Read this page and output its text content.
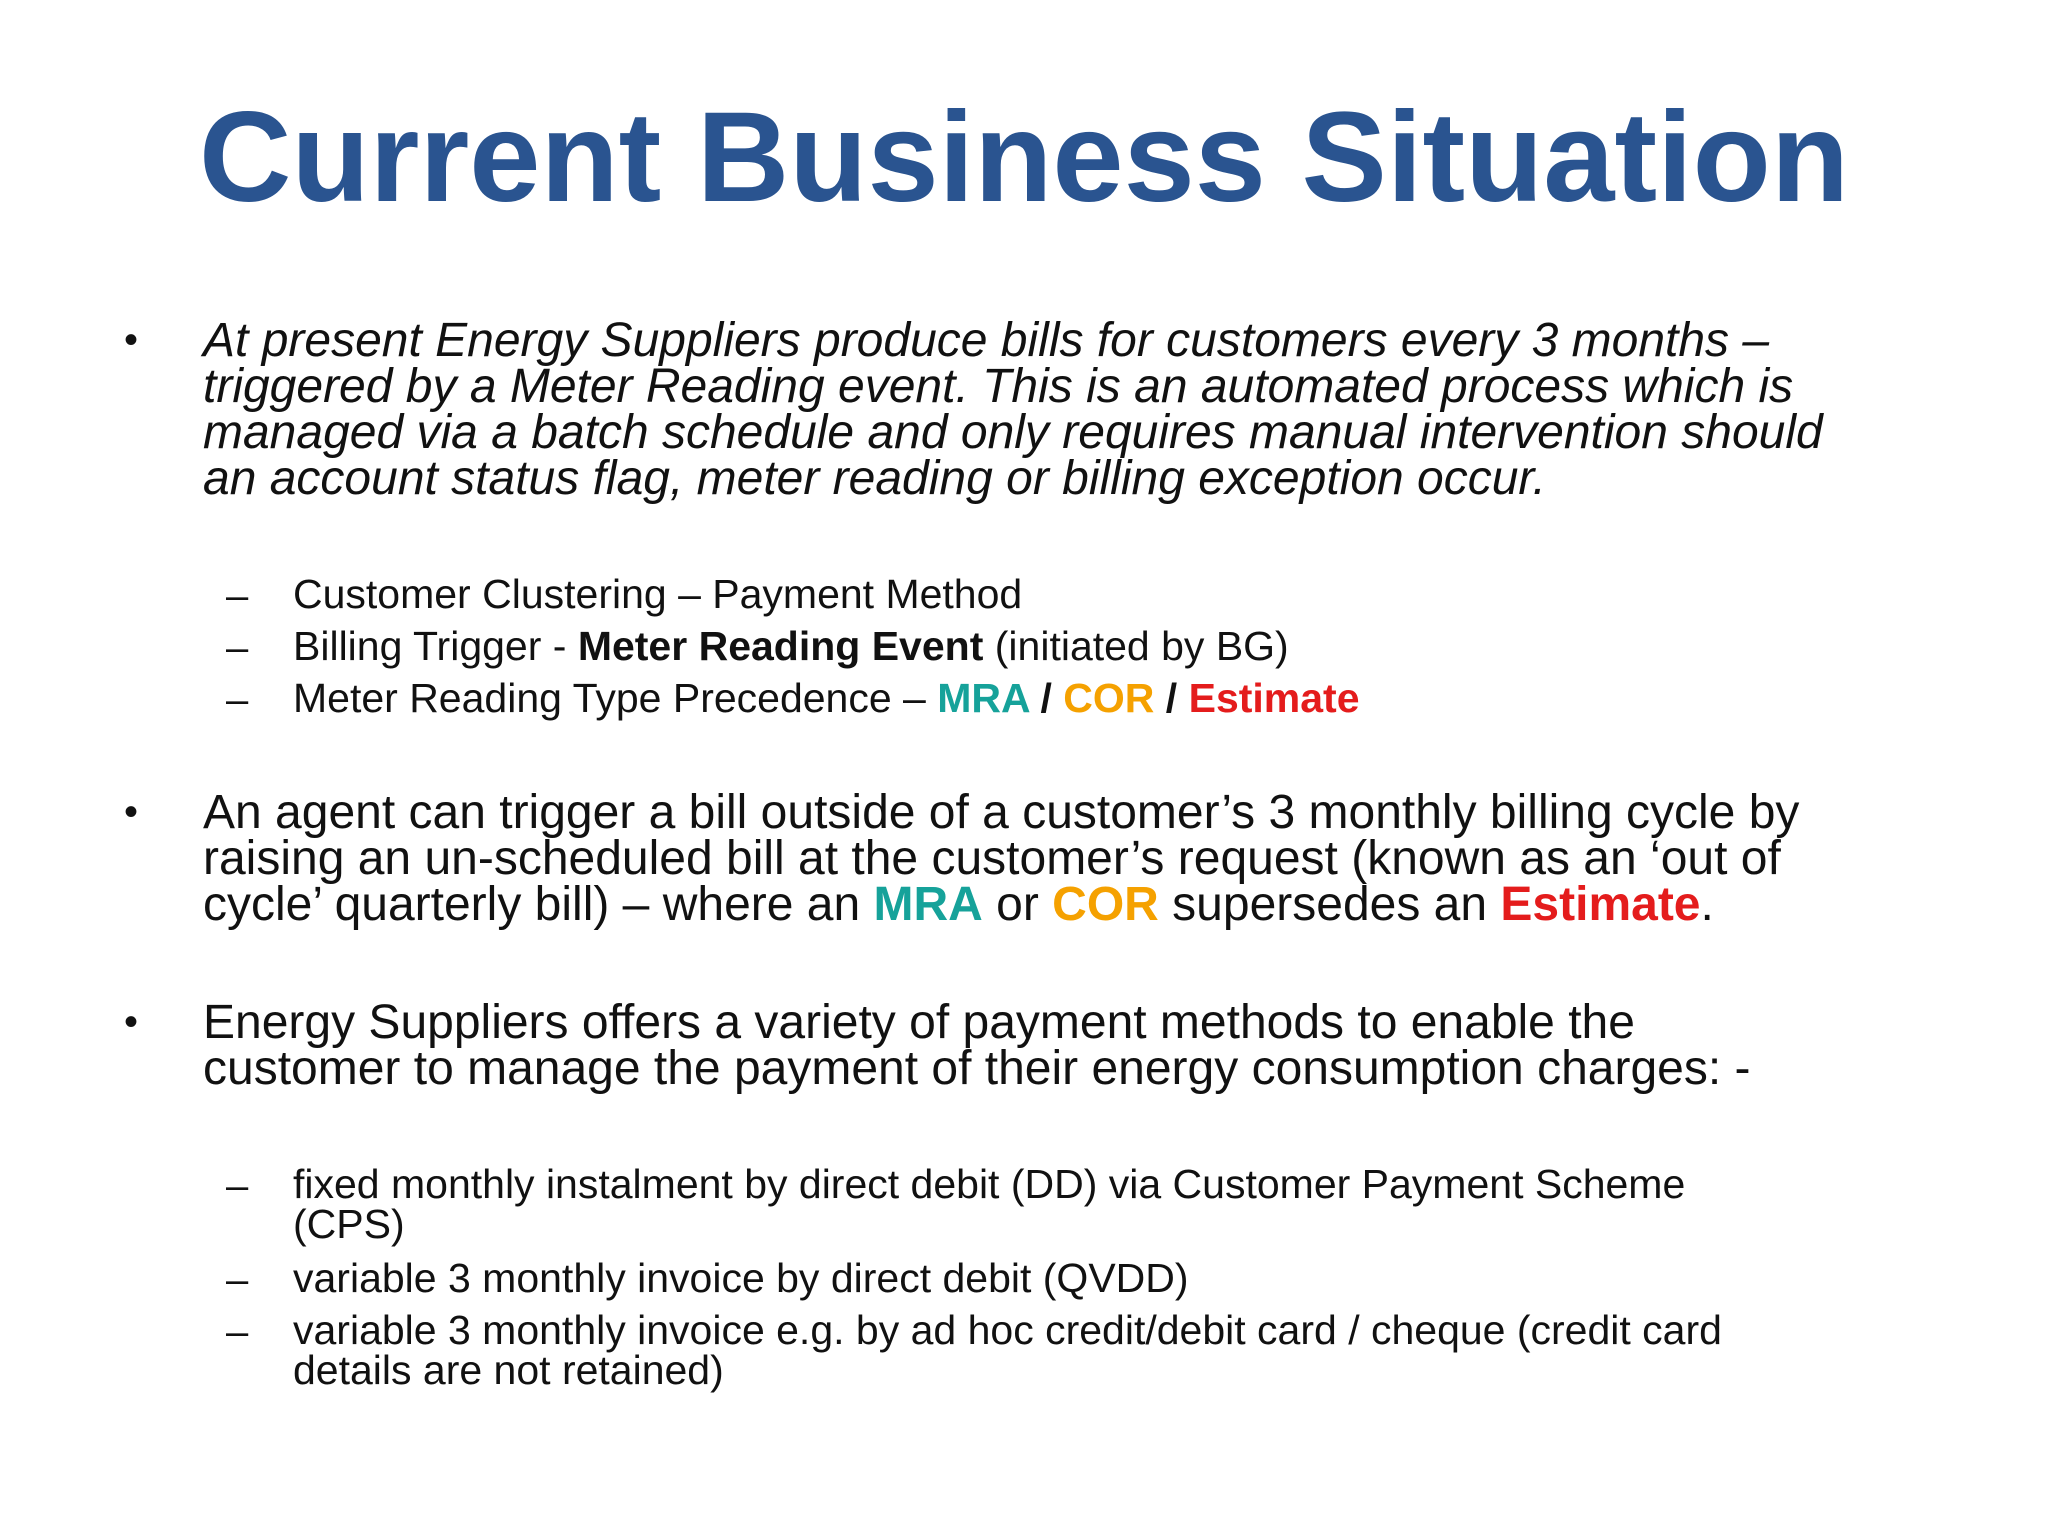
Current Business Situation
• At present Energy Suppliers produce bills for customers every 3 months –
triggered by a Meter Reading event. This is an automated process which is
managed via a batch schedule and only requires manual intervention should
an account status flag, meter reading or billing exception occur.
– Customer Clustering – Payment Method
– Billing Trigger - Meter Reading Event (initiated by BG)
– Meter Reading Type Precedence – MRA / COR / Estimate
• An agent can trigger a bill outside of a customer’s 3 monthly billing cycle by
raising an un-scheduled bill at the customer’s request (known as an ‘out of
cycle’ quarterly bill) – where an MRA or COR supersedes an Estimate.
• Energy Suppliers offers a variety of payment methods to enable the
customer to manage the payment of their energy consumption charges: -
– fixed monthly instalment by direct debit (DD) via Customer Payment Scheme
(CPS)
– variable 3 monthly invoice by direct debit (QVDD)
– variable 3 monthly invoice e.g. by ad hoc credit/debit card / cheque (credit card
details are not retained)
